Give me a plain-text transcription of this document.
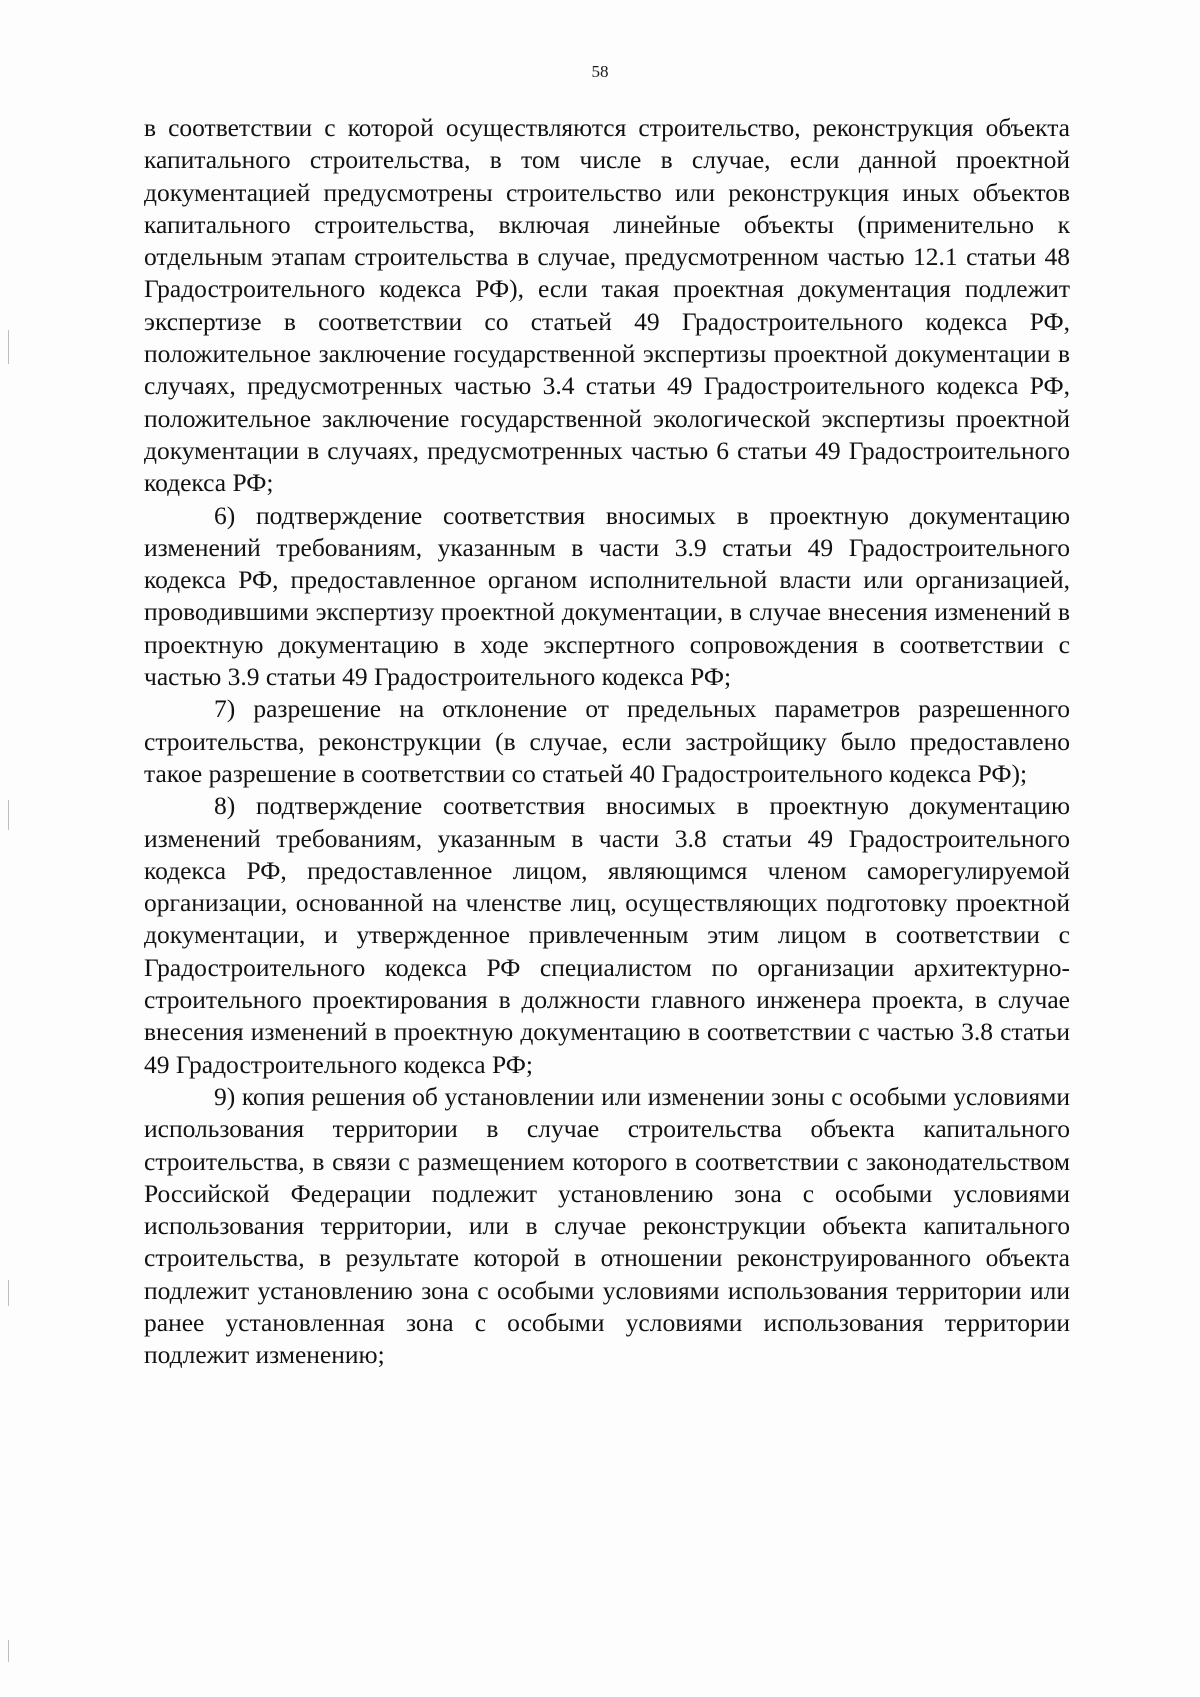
58

в соответствии с которой осуществляются строительство, реконструкция объекта капитального строительства, в том числе в случае, если данной проектной документацией предусмотрены строительство или реконструкция иных объектов капитального строительства, включая линейные объекты (применительно к отдельным этапам строительства в случае, предусмотренном частью 12.1 статьи 48 Градостроительного кодекса РФ), если такая проектная документация подлежит экспертизе в соответствии со статьей 49 Градостроительного кодекса РФ, положительное заключение государственной экспертизы проектной документации в случаях, предусмотренных частью 3.4 статьи 49 Градостроительного кодекса РФ, положительное заключение государственной экологической экспертизы проектной документации в случаях, предусмотренных частью 6 статьи 49 Градостроительного кодекса РФ;

6) подтверждение соответствия вносимых в проектную документацию изменений требованиям, указанным в части 3.9 статьи 49 Градостроительного кодекса РФ, предоставленное органом исполнительной власти или организацией, проводившими экспертизу проектной документации, в случае внесения изменений в проектную документацию в ходе экспертного сопровождения в соответствии с частью 3.9 статьи 49 Градостроительного кодекса РФ;

7) разрешение на отклонение от предельных параметров разрешенного строительства, реконструкции (в случае, если застройщику было предоставлено такое разрешение в соответствии со статьей 40 Градостроительного кодекса РФ);

8) подтверждение соответствия вносимых в проектную документацию изменений требованиям, указанным в части 3.8 статьи 49 Градостроительного кодекса РФ, предоставленное лицом, являющимся членом саморегулируемой организации, основанной на членстве лиц, осуществляющих подготовку проектной документации, и утвержденное привлеченным этим лицом в соответствии с Градостроительного кодекса РФ специалистом по организации архитектурно-строительного проектирования в должности главного инженера проекта, в случае внесения изменений в проектную документацию в соответствии с частью 3.8 статьи 49 Градостроительного кодекса РФ;

9) копия решения об установлении или изменении зоны с особыми условиями использования территории в случае строительства объекта капитального строительства, в связи с размещением которого в соответствии с законодательством Российской Федерации подлежит установлению зона с особыми условиями использования территории, или в случае реконструкции объекта капитального строительства, в результате которой в отношении реконструированного объекта подлежит установлению зона с особыми условиями использования территории или ранее установленная зона с особыми условиями использования территории подлежит изменению;
